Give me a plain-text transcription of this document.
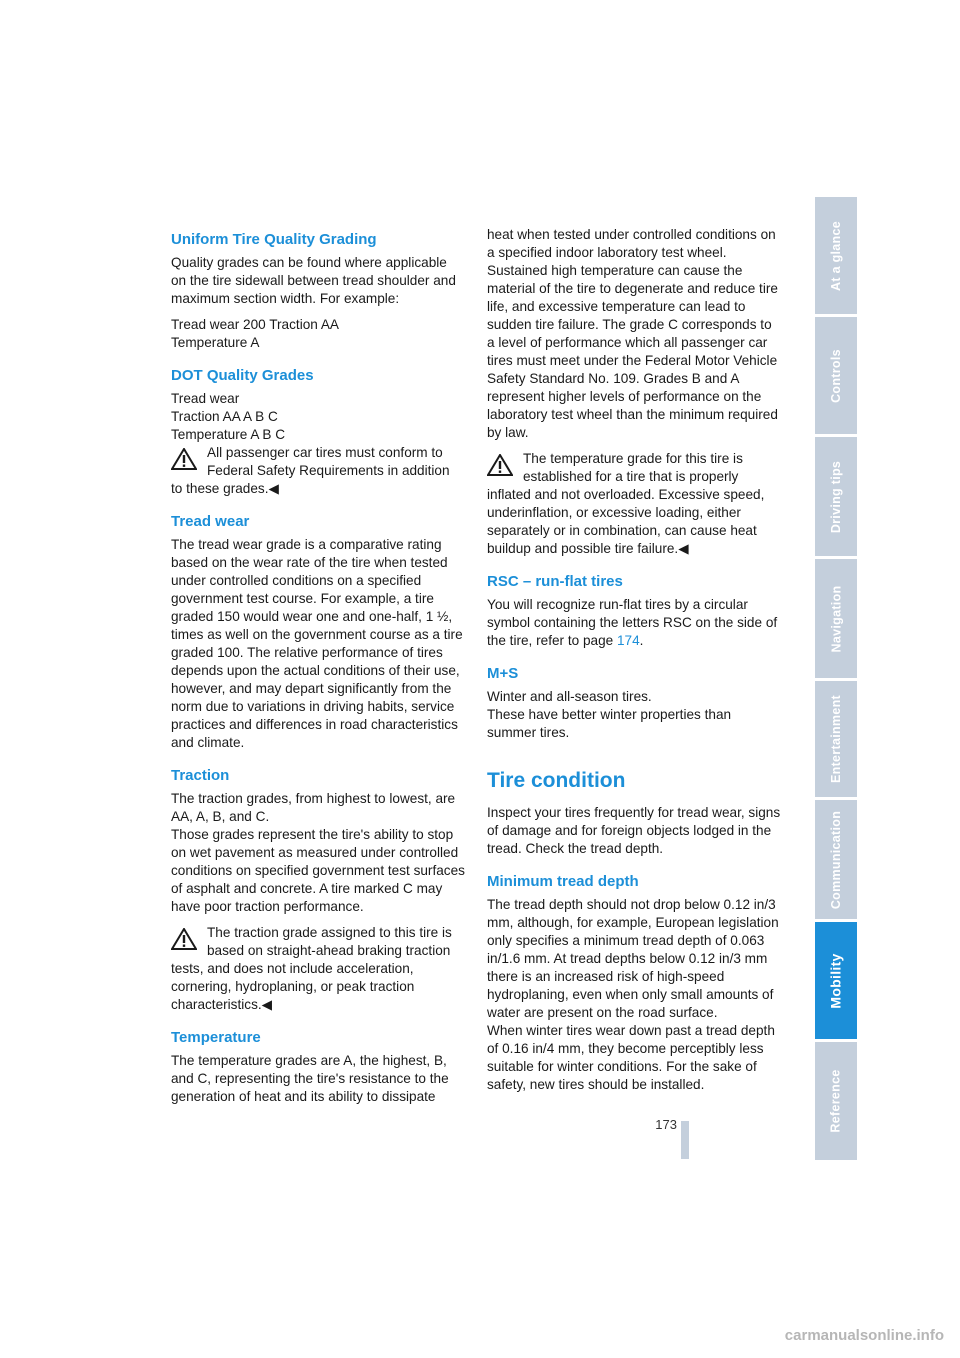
Uniform Tire Quality Grading

Quality grades can be found where applicable on the tire sidewall between tread shoulder and maximum section width. For example:

Tread wear 200 Traction AA
Temperature A
DOT Quality Grades
Tread wear
Traction AA A B C
Temperature A B C
All passenger car tires must conform to
Federal Safety Requirements in addition
to these grades.◀
Tread wear

The tread wear grade is a comparative rating based on the wear rate of the tire when tested under controlled conditions on a specified government test course. For example, a tire graded 150 would wear one and one-half, 1 ½, times as well on the government course as a tire graded 100. The relative performance of tires depends upon the actual conditions of their use, however, and may depart significantly from the norm due to variations in driving habits, service practices and differences in road characteristics and climate.

Traction

The traction grades, from highest to lowest, are AA, A, B, and C.

Those grades represent the tire's ability to stop on wet pavement as measured under controlled conditions on specified government test surfaces of asphalt and concrete. A tire marked C may have poor traction performance.

The traction grade assigned to this tire is
based on straight-ahead braking traction
tests, and does not include acceleration, cornering, hydroplaning, or peak traction characteristics.◀
Temperature

The temperature grades are A, the highest, B, and C, representing the tire's resistance to the generation of heat and its ability to dissipate

heat when tested under controlled conditions on a specified indoor laboratory test wheel. Sustained high temperature can cause the material of the tire to degenerate and reduce tire life, and excessive temperature can lead to sudden tire failure. The grade C corresponds to a level of performance which all passenger car tires must meet under the Federal Motor Vehicle Safety Standard No. 109. Grades B and A represent higher levels of performance on the laboratory test wheel than the minimum required by law.

The temperature grade for this tire is
established for a tire that is properly
inflated and not overloaded. Excessive speed, underinflation, or excessive loading, either separately or in combination, can cause heat buildup and possible tire failure.◀
RSC – run-flat tires

You will recognize run-flat tires by a circular symbol containing the letters RSC on the side of the tire, refer to page 174.

M+S

Winter and all-season tires.

These have better winter properties than summer tires.

Tire condition

Inspect your tires frequently for tread wear, signs of damage and for foreign objects lodged in the tread. Check the tread depth.

Minimum tread depth

The tread depth should not drop below 0.12 in/3 mm, although, for example, European legislation only specifies a minimum tread depth of 0.063 in/1.6 mm. At tread depths below 0.12 in/3 mm there is an increased risk of high-speed hydroplaning, even when only small amounts of water are present on the road surface.

When winter tires wear down past a tread depth of 0.16 in/4 mm, they become perceptibly less suitable for winter conditions. For the sake of safety, new tires should be installed.

At a glance
Controls
Driving tips
Navigation
Entertainment
Communication
Mobility
Reference
173
Online Edition for Part-No. 01 41 0 158 518 - © 09/04 BMW AG
carmanualsonline.info
